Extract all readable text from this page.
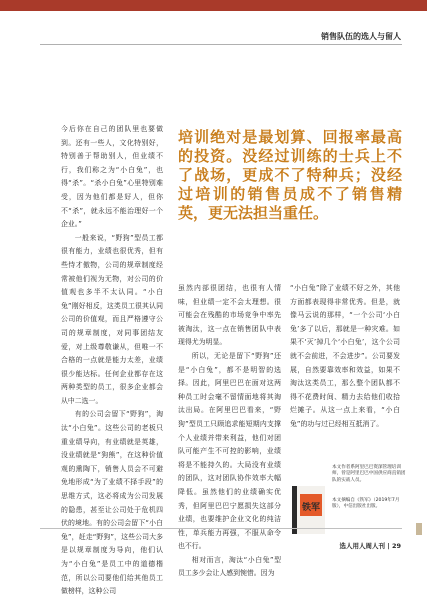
销售队伍的选人与留人

今后你在自己的团队里也要做到。还有一些人，文化特别好，特别善于帮助别人，但业绩不行，我们称之为“小白兔”，也得“杀”。“杀小白兔”心里特别难受，因为他们都是好人，但你不“杀”，就永远不能治理好一个企业。”

一般来说，“野狗”型员工都很有能力，业绩也很优秀，但有些恃才傲物，公司的规章制度经常被他们视为无物，对公司的价值观也多半不太认同。“小白兔”刚好相反，这类员工很其认同公司的价值观，而且严格遵守公司的规章制度，对同事团结友爱，对上级尊敬谦从，但唯一不合格的一点就是能力太差，业绩很少能达标。任何企业都存在这两种类型的员工，很多企业都会从中二选一。

有的公司会留下“野狗”，淘汰“小白兔”。这些公司的老板只重业绩导向，有业绩就是英雄，没业绩就是“狗熊”，在这种价值观的熏陶下，销售人员会不可避免地形成“为了业绩不择手段”的思维方式，这必将成为公司发展的隐患，甚至让公司处于危机四伏的境地。有的公司会留下“小白兔”，赶走“野狗”，这些公司大多是以规章制度为导向，他们认为“小白兔”是员工中的道德楷范，所以公司要他们给其他员工做榜样，这种公司

培训绝对是最划算、回报率最高的投资。没经过训练的士兵上不了战场，更成不了特种兵；没经过培训的销售员成不了销售精英，更无法担当重任。

虽然内部很团结，也很有人情味，但业绩一定不会太理想。很可能会在残酷的市场竞争中率先被淘汰，这一点在销售团队中表现得尤为明显。

所以，无论是留下“野狗”还是“小白兔”，都不是明智的选择。因此，阿里巴巴在面对这两种员工时会毫不留情面地将其淘汰出局。在阿里巴巴看来，“野狗”型员工只顾追求能短期内支撑个人业绩并带来利益，他们对团队可能产生不可控的影响，业绩将是不能持久的。大局没有业绩的团队，这对团队协作效率大幅降低。虽然他们的业绩确实优秀，但阿里巴巴宁愿损失这部分业绩，也要维护企业文化的纯洁性，单兵能力再强，不服从命令也不行。

相对而言，淘汰“小白兔”型员工多少会让人感到惋惜。因为

“小白兔”除了业绩不好之外，其他方面都表现得非常优秀。但是，就像马云说的那样，“一个公司‘小白兔’多了以后，那就是一种灾难。如果不‘灭’掉几个‘小白兔’，这个公司就不会前进，不会进步”。公司要发展，自然要靠效率和效益，如果不淘汰这类员工，那么整个团队都不得不花费时间、精力去给他们收拾烂摊子。从这一点上来看，“小白兔”的功与过已经相互抵消了。

本文作者系阿里巴巴资深管理培训师，曾是阿里巴巴中国供应商直销团队的实战人员。
铁军
本文摘编自《铁军》（2019年7月版），中信出版社出版。
选人用人周人刊 | 29
